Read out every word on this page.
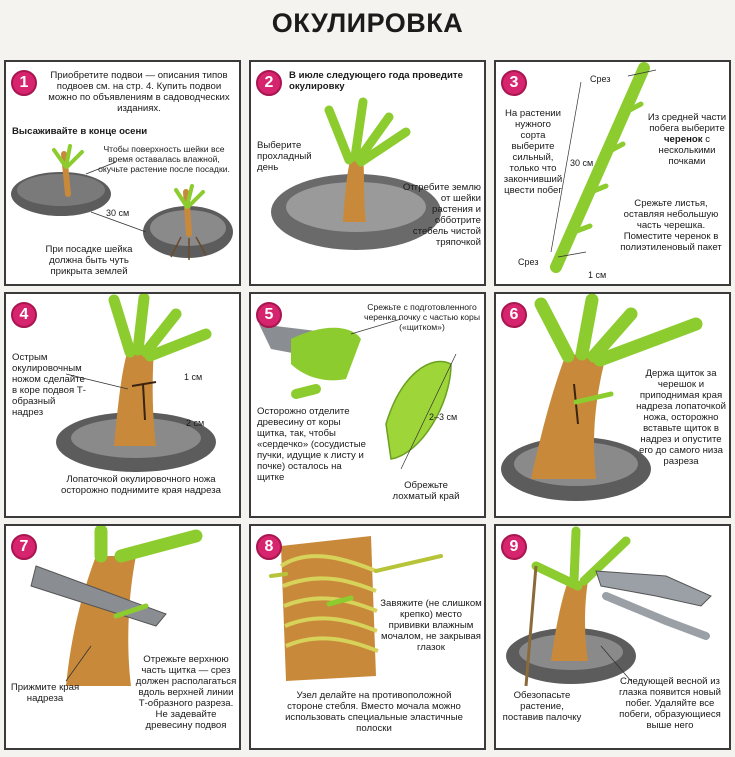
ОКУЛИРОВКА
1	Приобретите подвои — описания типов подвоев см. на стр. 4. Купить подвои можно по объявлениям в садоводческих изданиях.
Высаживайте в конце осени
Чтобы поверхность шейки все время оставалась влажной, окучьте растение после посадки.
30 см
При посадке шейка должна быть чуть прикрыта землей
2	В июле следующего года проведите окулировку
Выберите прохладный день
Отгребите землю от шейки растения и обботрите стебель чистой тряпочкой
3	Срез
На растении нужного сорта выберите сильный, только что закончивший цвести побег
Из средней части побега выберите черенок с несколькими почками
30 см
Срежьте листья, оставляя небольшую часть черешка. Поместите черенок в полиэтиленовый пакет
Срез
1 см
4
Острым окулировочным ножом сделайте в коре подвоя Т-образный надрез
1 см
2 см
Лопаточкой окулировочного ножа осторожно поднимите края надреза
5	Срежьте с подготовленного черенка почку с частью коры («щитком»)
Осторожно отделите древесину от коры щитка, так, чтобы «сердечко» (сосудистые пучки, идущие к листу и почке) осталось на щитке
2–3 см
Обрежьте лохматый край
6
Держа щиток за черешок и приподнимая края надреза лопаточкой ножа, осторожно вставьте щиток в надрез и опустите его до самого низа разреза
7
Отрежьте верхнюю часть щитка — срез должен располагаться вдоль верхней линии Т-образного разреза. Не задевайте древесину подвоя
Прижмите края надреза
8
Завяжите (не слишком крепко) место прививки влажным мочалом, не закрывая глазок
Узел делайте на противоположной стороне стебля. Вместо мочала можно использовать специальные эластичные полоски
9
Обезопасьте растение, поставив палочку
Следующей весной из глазка появится новый побег. Удаляйте все побеги, образующиеся выше него
